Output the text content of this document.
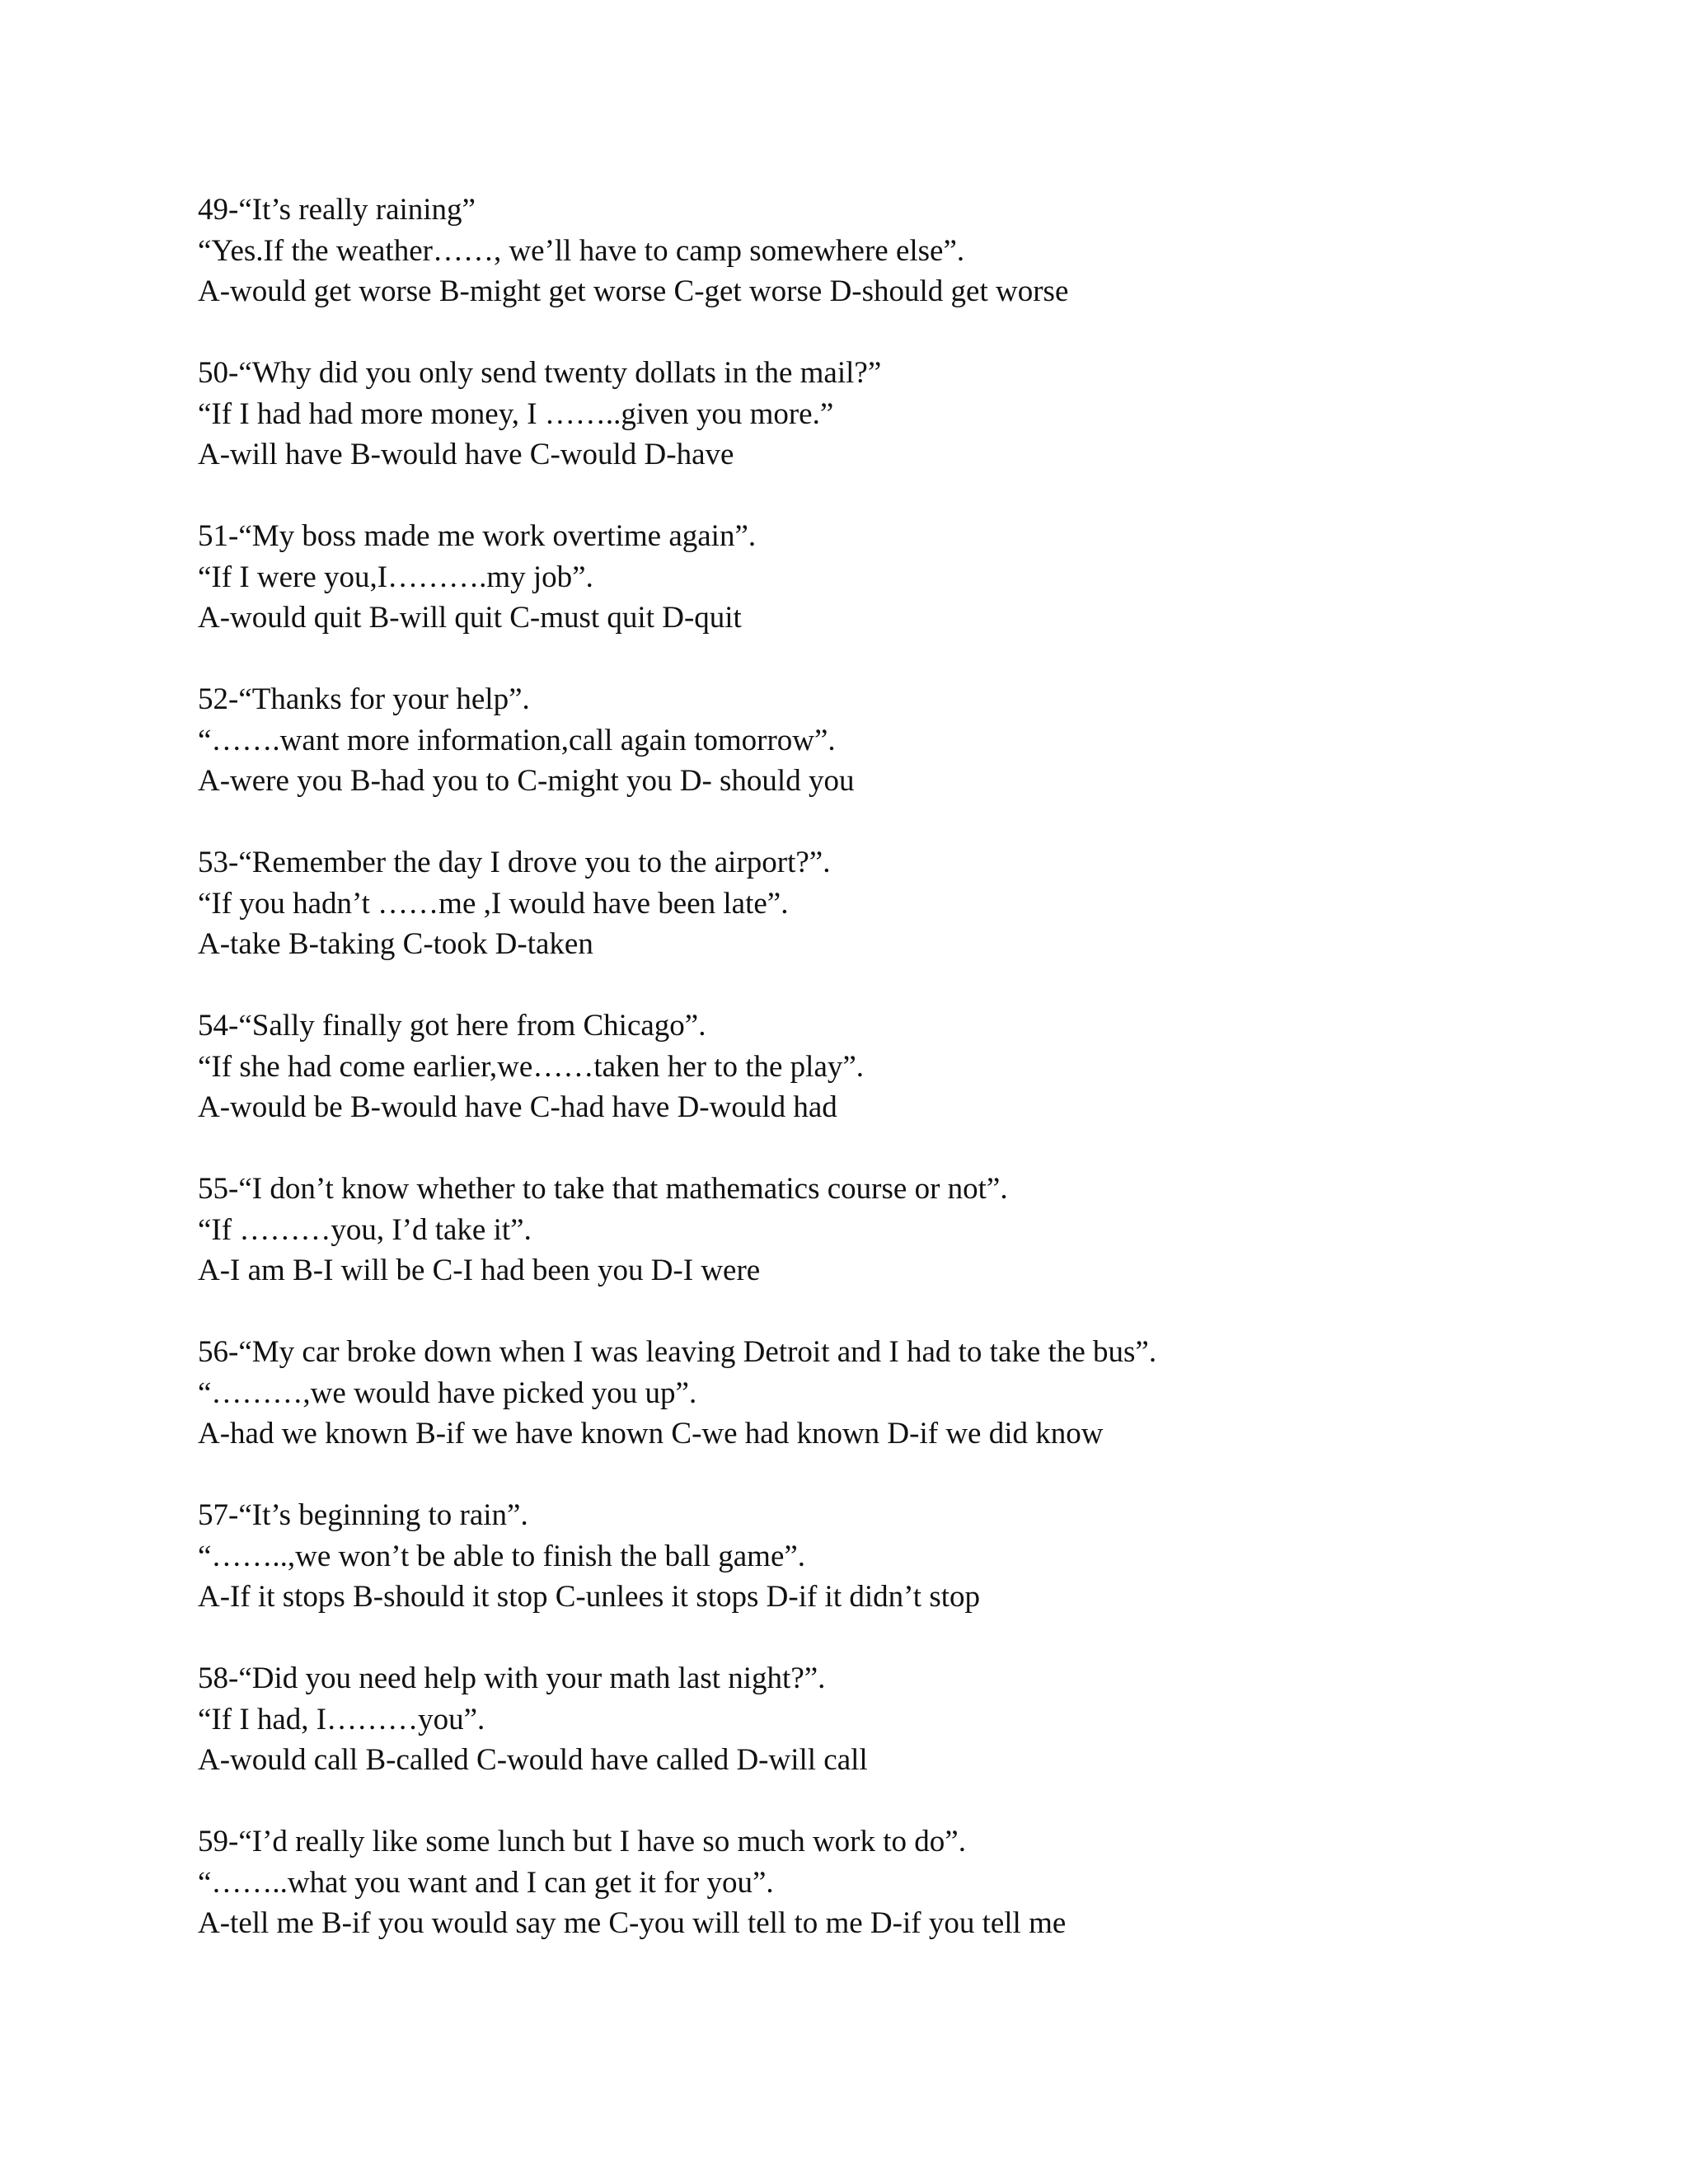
49-“It’s really raining”
“Yes.If the weather……, we’ll have to camp somewhere else”.
A-would get worse B-might get worse C-get worse D-should get worse
50-“Why did you only send twenty dollats in the mail?”
“If I had had more money, I ……..given you more.”
A-will have B-would have C-would D-have
51-“My boss made me work overtime again”.
“If I were you,I……….my job”.
A-would quit B-will quit C-must quit D-quit
52-“Thanks for your help”.
“…….want more information,call again tomorrow”.
A-were you B-had you to C-might you D- should you
53-“Remember the day I drove you to the airport?”.
“If you hadn’t ……me ,I would have been late”.
A-take B-taking C-took D-taken
54-“Sally finally got here from Chicago”.
“If she had come earlier,we……taken her to the play”.
A-would be B-would have C-had have D-would had
55-“I don’t know whether to take that mathematics course or not”.
“If ………you, I’d take it”.
A-I am B-I will be C-I had been you D-I were
56-“My car broke down when I was leaving Detroit and I had to take the bus”.
“………,we would have picked you up”.
A-had we known B-if we have known C-we had known D-if we did know
57-“It’s beginning to rain”.
“……..,we won’t be able to finish the ball game”.
A-If it stops B-should it stop C-unlees it stops D-if it didn’t stop
58-“Did you need help with your math last night?”.
“If I had, I………you”.
A-would call B-called C-would have called D-will call
59-“I’d really like some lunch but I have so much work to do”.
“……..what you want and I can get it for you”.
A-tell me B-if you would say me C-you will tell to me D-if you tell me
